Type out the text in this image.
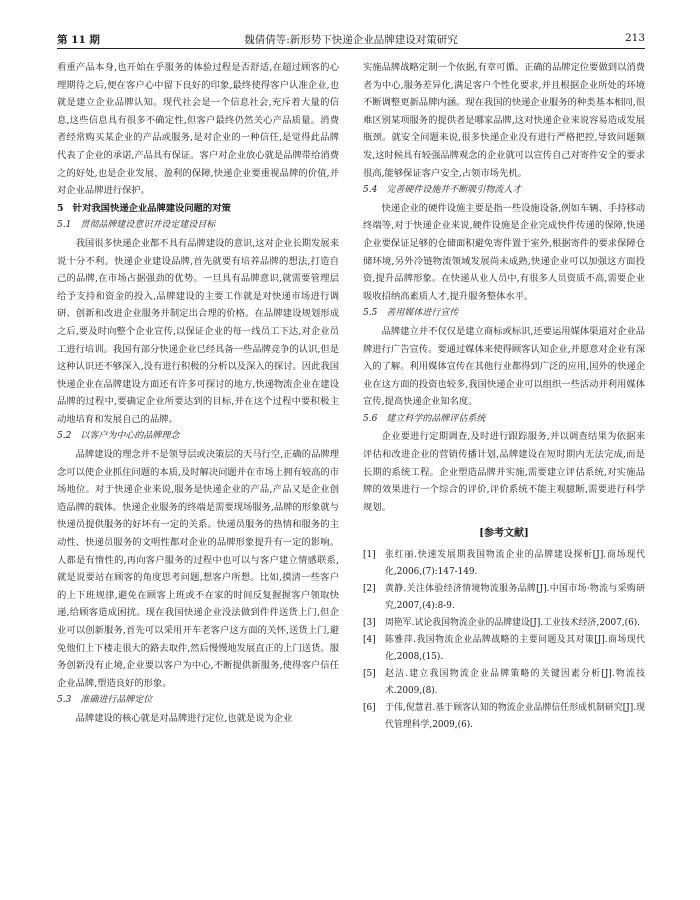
第 11 期	魏倩倩等:新形势下快递企业品牌建设对策研究	213

看重产品本身,也开始在乎服务的体验过程是否舒适,在超过顾客的心理期待之后,便在客户心中留下良好的印象,最终使得客户认准企业,也就是建立企业品牌认知。现代社会是一个信息社会,充斥着大量的信息,这些信息具有很多不确定性,但客户最终仍然关心产品质量。消费者经常购买某企业的产品或服务,是对企业的一种信任,是觉得此品牌代表了企业的承诺,产品具有保证。客户对企业放心就是品牌带给消费之的好处,也是企业发展、盈利的保障,快递企业要重视品牌的价值,并对企业品牌进行保护。

5　针对我国快递企业品牌建设问题的对策
5.1　贯彻品牌建设意识并设定建设目标

我国很多快递企业都不具有品牌建设的意识,这对企业长期发展来说十分不利。快递企业建设品牌,首先就要有培养品牌的想法,打造自己的品牌,在市场占据强劲的优势。一旦具有品牌意识,就需要管理层给予支持和资金的投入,品牌建设的主要工作就是对快递市场进行调研、创新和改进企业服务并制定出合理的价格。在品牌建设规划形成之后,要及时向整个企业宣传,以保证企业的每一线员工下达,对企业员工进行培训。我国有部分快递企业已经具备一些品牌竞争的认识,但是这种认识还不够深入,没有进行积极的分析以及深入的探讨。因此我国快递企业在品牌建设方面还有许多可探讨的地方,快递物流企业在建设品牌的过程中,要确定企业所要达到的目标,并在这个过程中要积极主动地培育和发展自己的品牌。

5.2　以客户为中心的品牌理念

品牌建设的理念并不是领导层或决策层的天马行空,正确的品牌理念可以使企业抓住问题的本质,及时解决问题并在市场上拥有较高的市场地位。对于快递企业来说,服务是快递企业的产品,产品又是企业创造品牌的载体。快递企业服务的终端是需要现场服务,品牌的形象就与快递员提供服务的好坏有一定的关系。快递员服务的热情和服务的主动性、快递员服务的文明性都对企业的品牌形象提升有一定的影响。人都是有惰性的,再向客户服务的过程中也可以与客户建立情感联系,就是说要站在顾客的角度思考问题,想客户所想。比如,摸清一些客户的上下班规律,避免在顾客上班或不在家的时间反复握握客户领取快递,给顾客造成困扰。现在我国快递企业没法做到件件送货上门,但企业可以创新服务,首先可以采用开车老客户这方面的关怀,送货上门,避免他们上下楼走很大的路去取件,然后慢慢地发展直正的上门送货。服务创新没有止境,企业要以客户为中心,不断提供新服务,使得客户信任企业品牌,塑造良好的形象。

5.3　准确进行品牌定位

品牌建设的核心就是对品牌进行定位,也就是说为企业

实施品牌战略定制一个依据,有章可循。正确的品牌定位要做到以消费者为中心,服务差异化,满足客户个性化要求,并且根据企业所处的环境不断调整更新品牌内涵。现在我国的快递企业服务的种类基本相同,很难区别某项服务的提供者是哪家品牌,这对快递企业来说容易造成发展瓶颈。就安全问题来说,很多快递企业没有进行严格把控,导致问题频发,这时候具有较强品牌观念的企业就可以宣传自己对寄件安全的要求很高,能够保证客户安全,占领市场先机。

5.4　完善硬件设施并不断吸引物流人才

快递企业的硬件设施主要是指一些设施设备,例如车辆、手持移动终端等,对于快递企业来说,硬件设施是企业完成快件传递的保障,快递企业要保证足够的仓储面积避免寄件置于室外,根据寄件的要求保障仓储环境,另外冷链物流领域发展尚未成熟,快递企业可以加强这方面投资,提升品牌形象。在快递从业人员中,有很多人员资质不高,需要企业吸收招纳高素质人才,提升服务整体水平。

5.5　善用媒体进行宣传

品牌建立并不仅仅是建立商标或标识,还要运用媒体渠道对企业品牌进行广告宣传。要通过媒体来使得顾客认知企业,并愿意对企业有深入的了解。利用媒体宣传在其他行业都得到广泛的应用,国外的快递企业在这方面的投资也较多,我国快递企业可以组织一些活动并利用媒体宣传,提高快递企业知名度。

5.6　建立科学的品牌评估系统

企业要进行定期调查,及时进行跟踪服务,并以调查结果为依据来评估和改进企业的营销传播计划,品牌建设在短时期内无法完成,而是长期的系统工程。企业塑造品牌并实施,需要建立评估系统,对实施品牌的效果进行一个综合的评价,评价系统不能主观臆断,需要进行科学规划。

[参考文献]
[1] 张红丽.快速发展期我国物流企业的品牌建设探析[J].商场现代化,2006,(7):147-149.
[2] 黄静.关注体验经济情境物流服务品牌[J].中国市场·物流与采购研究,2007,(4):8-9.
[3] 周艳军.试论我国物流企业的品牌建设[J].工业技术经济,2007,(6).
[4] 陈雅萍.我国物流企业品牌战略的主要问题及其对策[J].商场现代化,2008,(15).
[5] 赵洁.建立我国物流企业品牌策略的关键因素分析[J].物流技术.2009,(8).
[6] 于伟,倪慧君.基于顾客认知的物流企业品牌信任形成机制研究[J].现代管理科学,2009,(6).
